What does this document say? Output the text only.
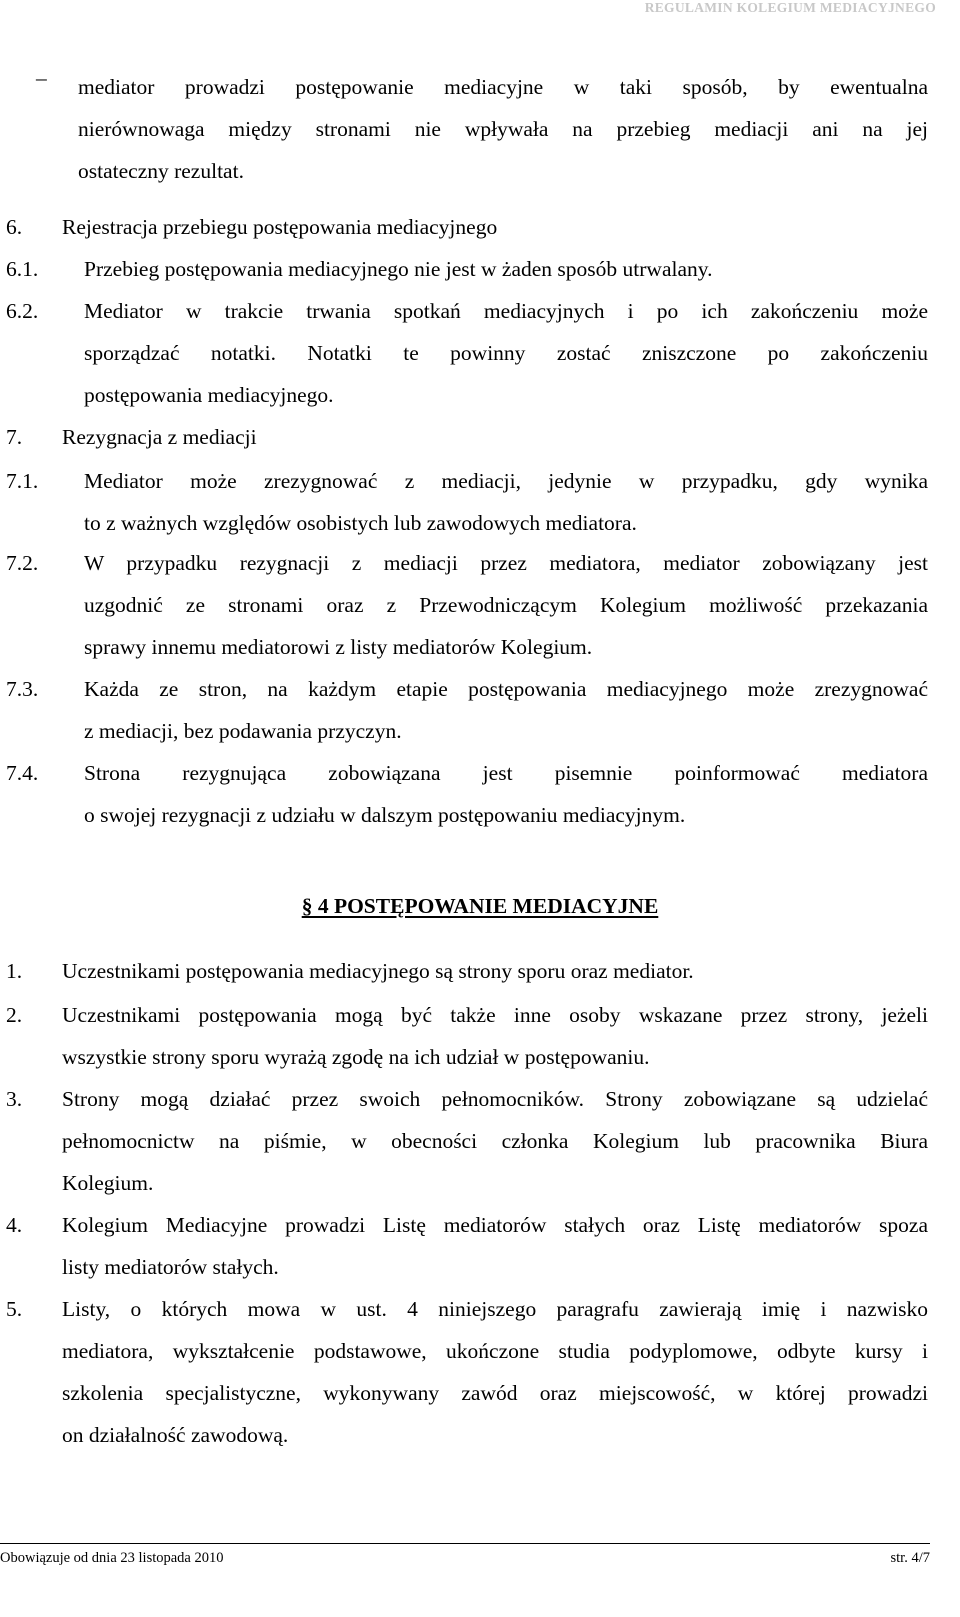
REGULAMIN KOLEGIUM MEDIACYJNEGO
–	mediator prowadzi postępowanie mediacyjne w taki sposób, by ewentualna
nierównowaga między stronami nie wpływała na przebieg mediacji ani na jej
ostateczny rezultat.
6.	Rejestracja przebiegu postępowania mediacyjnego
6.1.	Przebieg postępowania mediacyjnego nie jest w żaden sposób utrwalany.
6.2.	Mediator w trakcie trwania spotkań mediacyjnych i po ich zakończeniu może
sporządzać notatki. Notatki te powinny zostać zniszczone po zakończeniu
postępowania mediacyjnego.
7.	Rezygnacja z mediacji
7.1.	Mediator może zrezygnować z mediacji, jedynie w przypadku, gdy wynika
to z ważnych względów osobistych lub zawodowych mediatora.
7.2.	W przypadku rezygnacji z mediacji przez mediatora, mediator zobowiązany jest
uzgodnić ze stronami oraz z Przewodniczącym Kolegium możliwość przekazania
sprawy innemu mediatorowi z listy mediatorów Kolegium.
7.3.	Każda ze stron, na każdym etapie postępowania mediacyjnego może zrezygnować
z mediacji, bez podawania przyczyn.
7.4.	Strona rezygnująca zobowiązana jest pisemnie poinformować mediatora
o swojej rezygnacji z udziału w dalszym postępowaniu mediacyjnym.
§ 4 POSTĘPOWANIE MEDIACYJNE
1.	Uczestnikami postępowania mediacyjnego są strony sporu oraz mediator.
2.	Uczestnikami postępowania mogą być także inne osoby wskazane przez strony, jeżeli
wszystkie strony sporu wyrażą zgodę na ich udział w postępowaniu.
3.	Strony mogą działać przez swoich pełnomocników. Strony zobowiązane są udzielać
pełnomocnictw na piśmie, w obecności członka Kolegium lub pracownika Biura
Kolegium.
4.	Kolegium Mediacyjne prowadzi Listę mediatorów stałych oraz Listę mediatorów spoza
listy mediatorów stałych.
5.	Listy, o których mowa w ust. 4 niniejszego paragrafu zawierają imię i nazwisko
mediatora, wykształcenie podstawowe, ukończone studia podyplomowe, odbyte kursy i
szkolenia specjalistyczne, wykonywany zawód oraz miejscowość, w której prowadzi
on działalność zawodową.
Obowiązuje od dnia 23 listopada 2010	str. 4/7
